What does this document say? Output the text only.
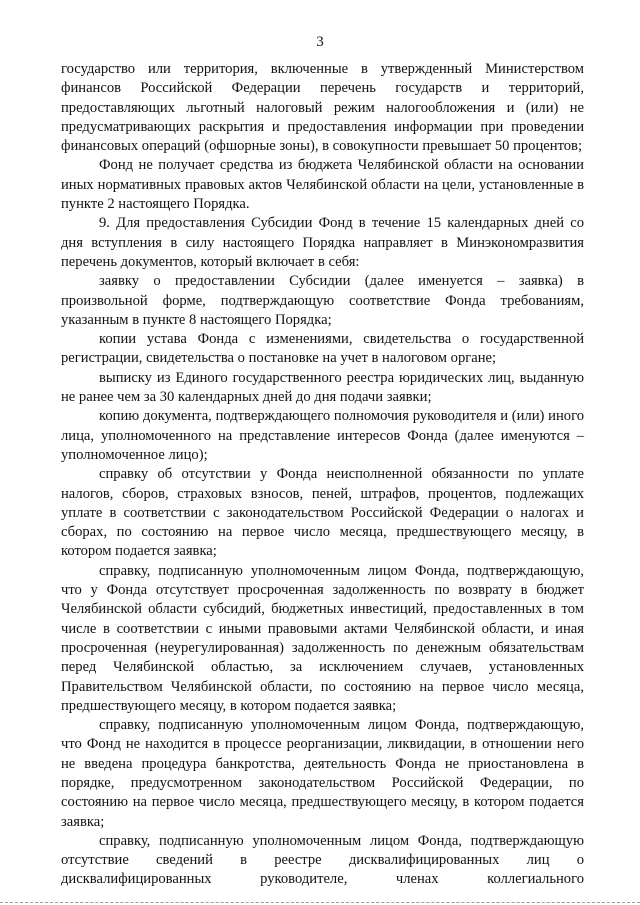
3

государство или территория, включенные в утвержденный Министерством финансов Российской Федерации перечень государств и территорий, предоставляющих льготный налоговый режим налогообложения и (или) не предусматривающих раскрытия и предоставления информации при проведении финансовых операций (офшорные зоны), в совокупности превышает 50 процентов;

Фонд не получает средства из бюджета Челябинской области на основании иных нормативных правовых актов Челябинской области на цели, установленные в пункте 2 настоящего Порядка.

9. Для предоставления Субсидии Фонд в течение 15 календарных дней со дня вступления в силу настоящего Порядка направляет в Минэкономразвития перечень документов, который включает в себя:

заявку о предоставлении Субсидии (далее именуется – заявка) в произвольной форме, подтверждающую соответствие Фонда требованиям, указанным в пункте 8 настоящего Порядка;

копии устава Фонда с изменениями, свидетельства о государственной регистрации, свидетельства о постановке на учет в налоговом органе;

выписку из Единого государственного реестра юридических лиц, выданную не ранее чем за 30 календарных дней до дня подачи заявки;

копию документа, подтверждающего полномочия руководителя и (или) иного лица, уполномоченного на представление интересов Фонда (далее именуются – уполномоченное лицо);

справку об отсутствии у Фонда неисполненной обязанности по уплате налогов, сборов, страховых взносов, пеней, штрафов, процентов, подлежащих уплате в соответствии с законодательством Российской Федерации о налогах и сборах, по состоянию на первое число месяца, предшествующего месяцу, в котором подается заявка;

справку, подписанную уполномоченным лицом Фонда, подтверждающую, что у Фонда отсутствует просроченная задолженность по возврату в бюджет Челябинской области субсидий, бюджетных инвестиций, предоставленных в том числе в соответствии с иными правовыми актами Челябинской области, и иная просроченная (неурегулированная) задолженность по денежным обязательствам перед Челябинской областью, за исключением случаев, установленных Правительством Челябинской области, по состоянию на первое число месяца, предшествующего месяцу, в котором подается заявка;

справку, подписанную уполномоченным лицом Фонда, подтверждающую, что Фонд не находится в процессе реорганизации, ликвидации, в отношении него не введена процедура банкротства, деятельность Фонда не приостановлена в порядке, предусмотренном законодательством Российской Федерации, по состоянию на первое число месяца, предшествующего месяцу, в котором подается заявка;

справку, подписанную уполномоченным лицом Фонда, подтверждающую отсутствие сведений в реестре дисквалифицированных лиц о дисквалифицированных руководителе, членах коллегиального
